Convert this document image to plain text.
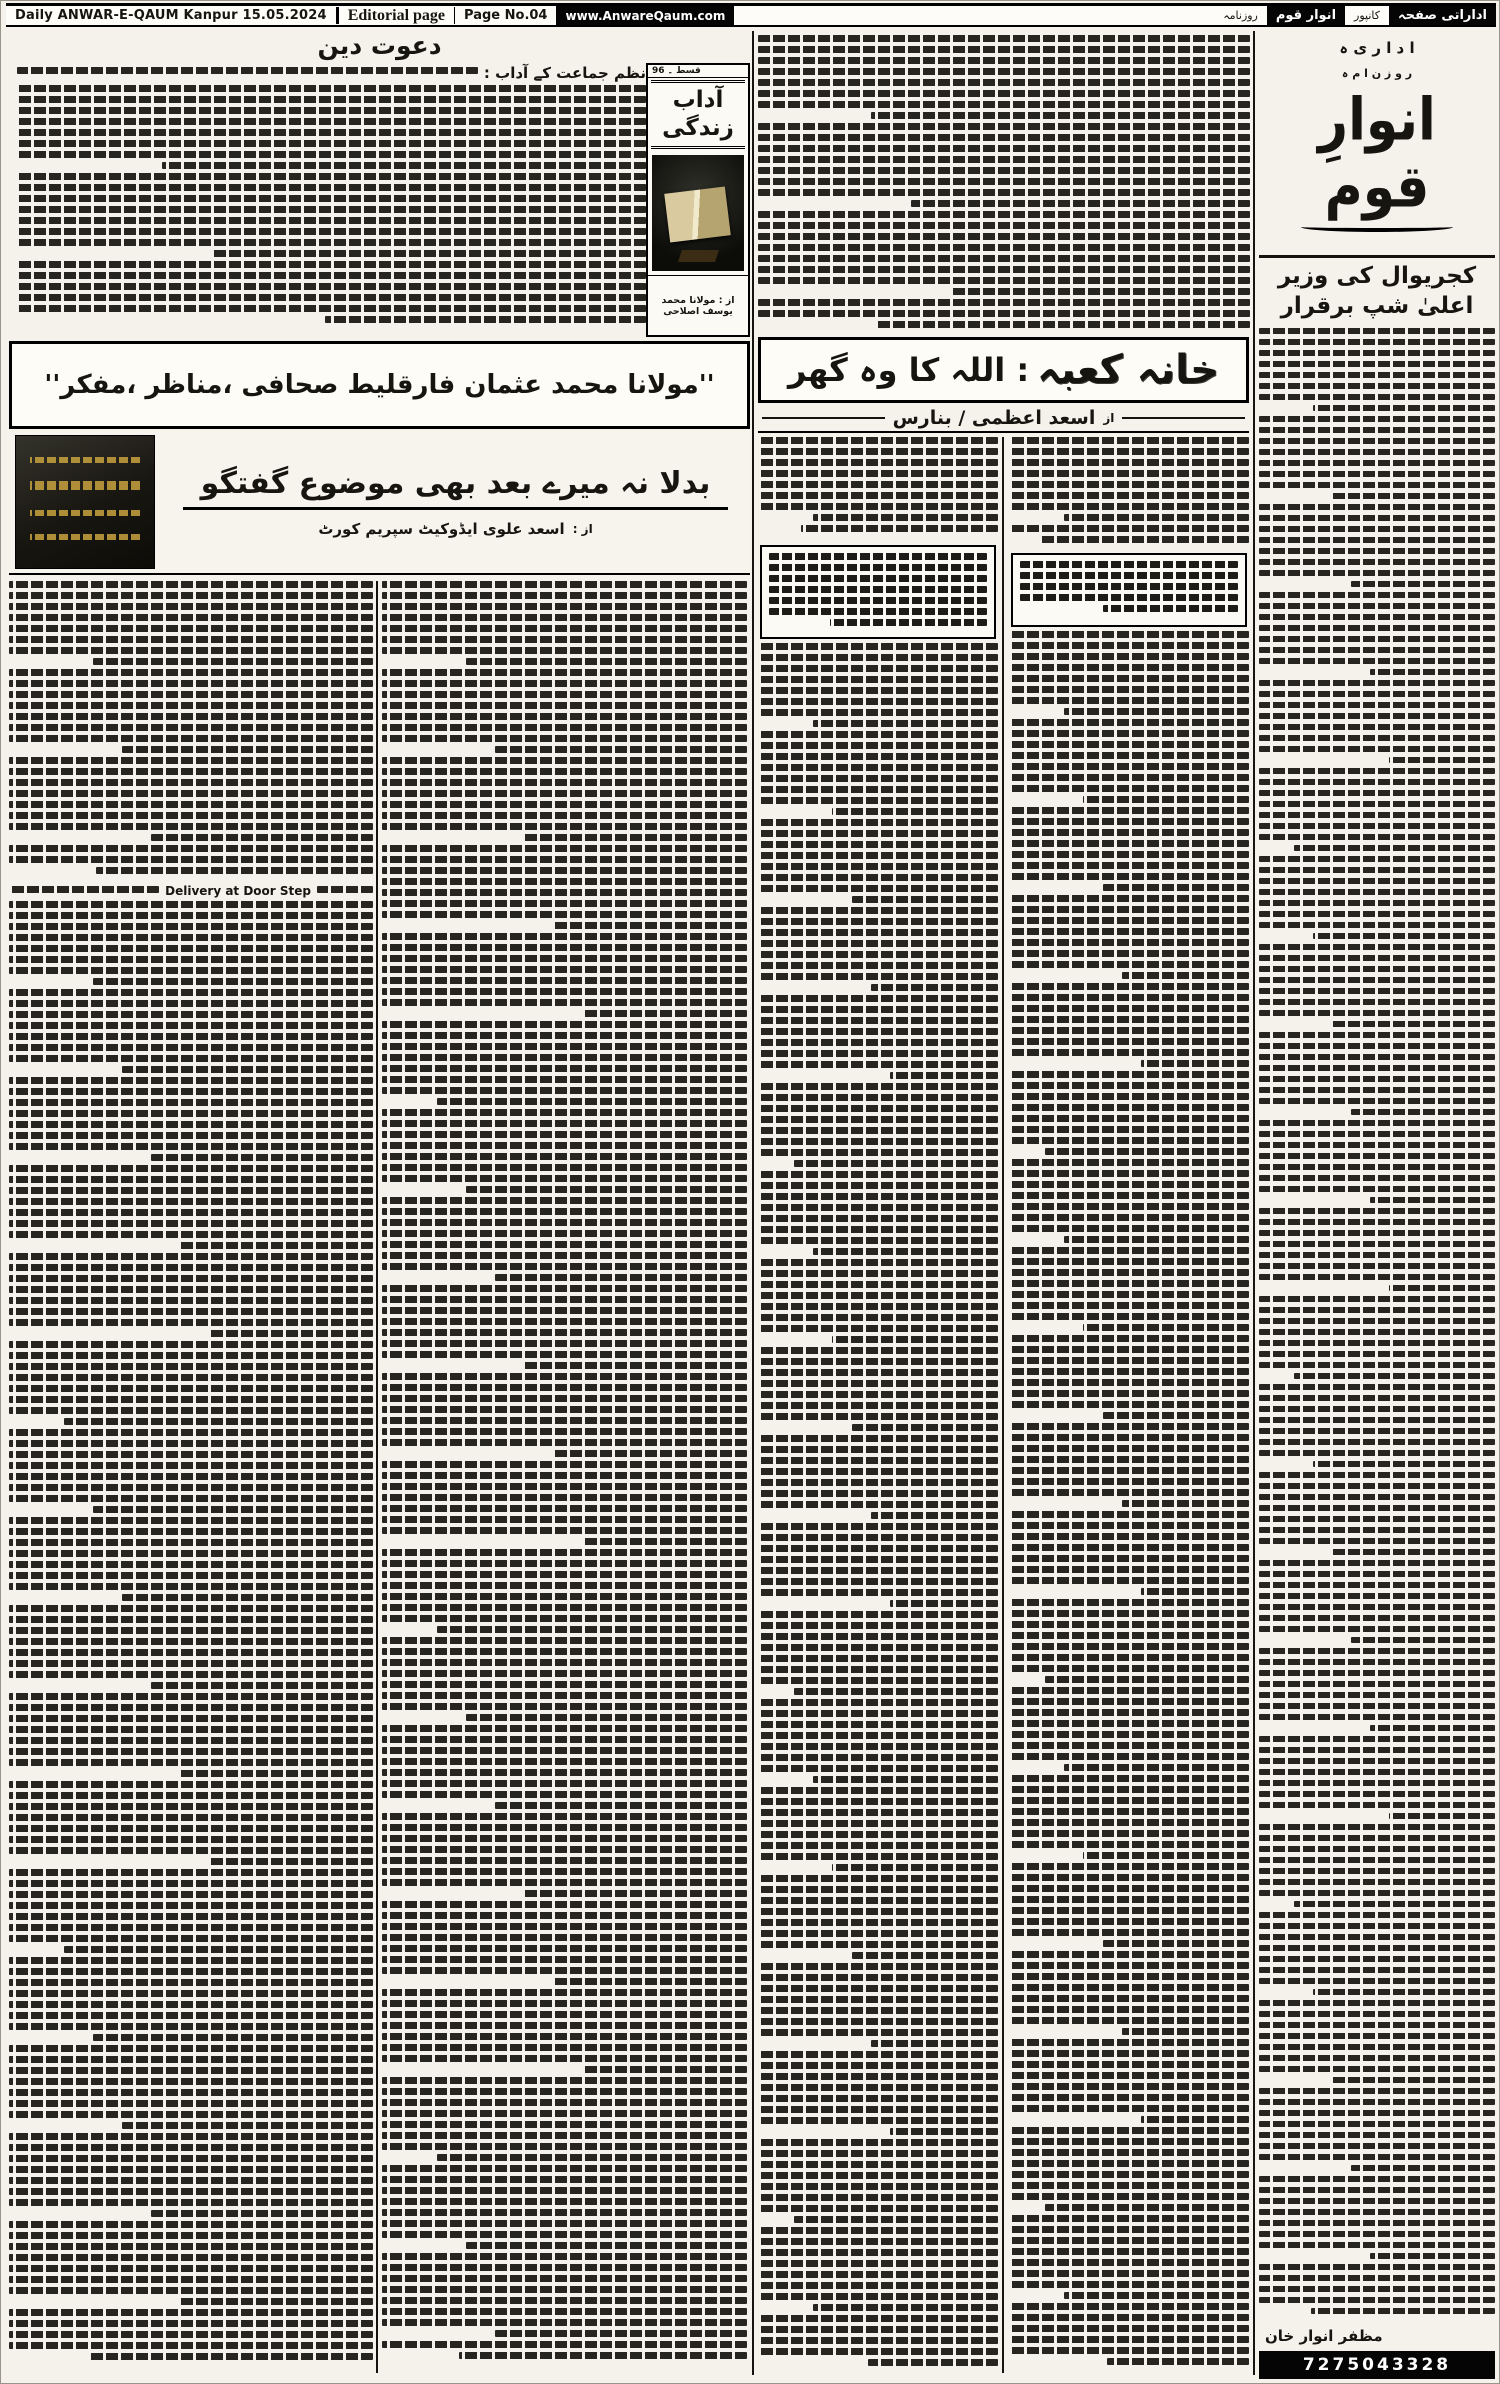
Daily ANWAR-E-QAUM Kanpur 15.05.2024	Editorial page	Page No.04	www.AnwareQaum.com	روزنامہ	انوار قوم	کانپور	اداراتی صفحہ
دعوت دین
قسط ۔ 96
آداب
زندگی
از : مولانا محمد یوسف اصلاحی
نظم جماعت کے آداب :
خانہ کعبہ
: اللہ کا وہ گھر
از
اسعد اعظمی / بنارس
''مولانا محمد عثمان فارقلیط صحافی ،مناظر ،مفکر''
بدلا نہ میرے بعد بھی موضوع گفتگو
از :
اسعد علوی ایڈوکیٹ سپریم کورٹ
Delivery at Door Step
ا د ا ر ی ہ
ر و ز ن ا م ہ
انوارِ قوم
کجریوال کی وزیر اعلیٰ شپ برقرار
مظفر انوار خان
7275043328
